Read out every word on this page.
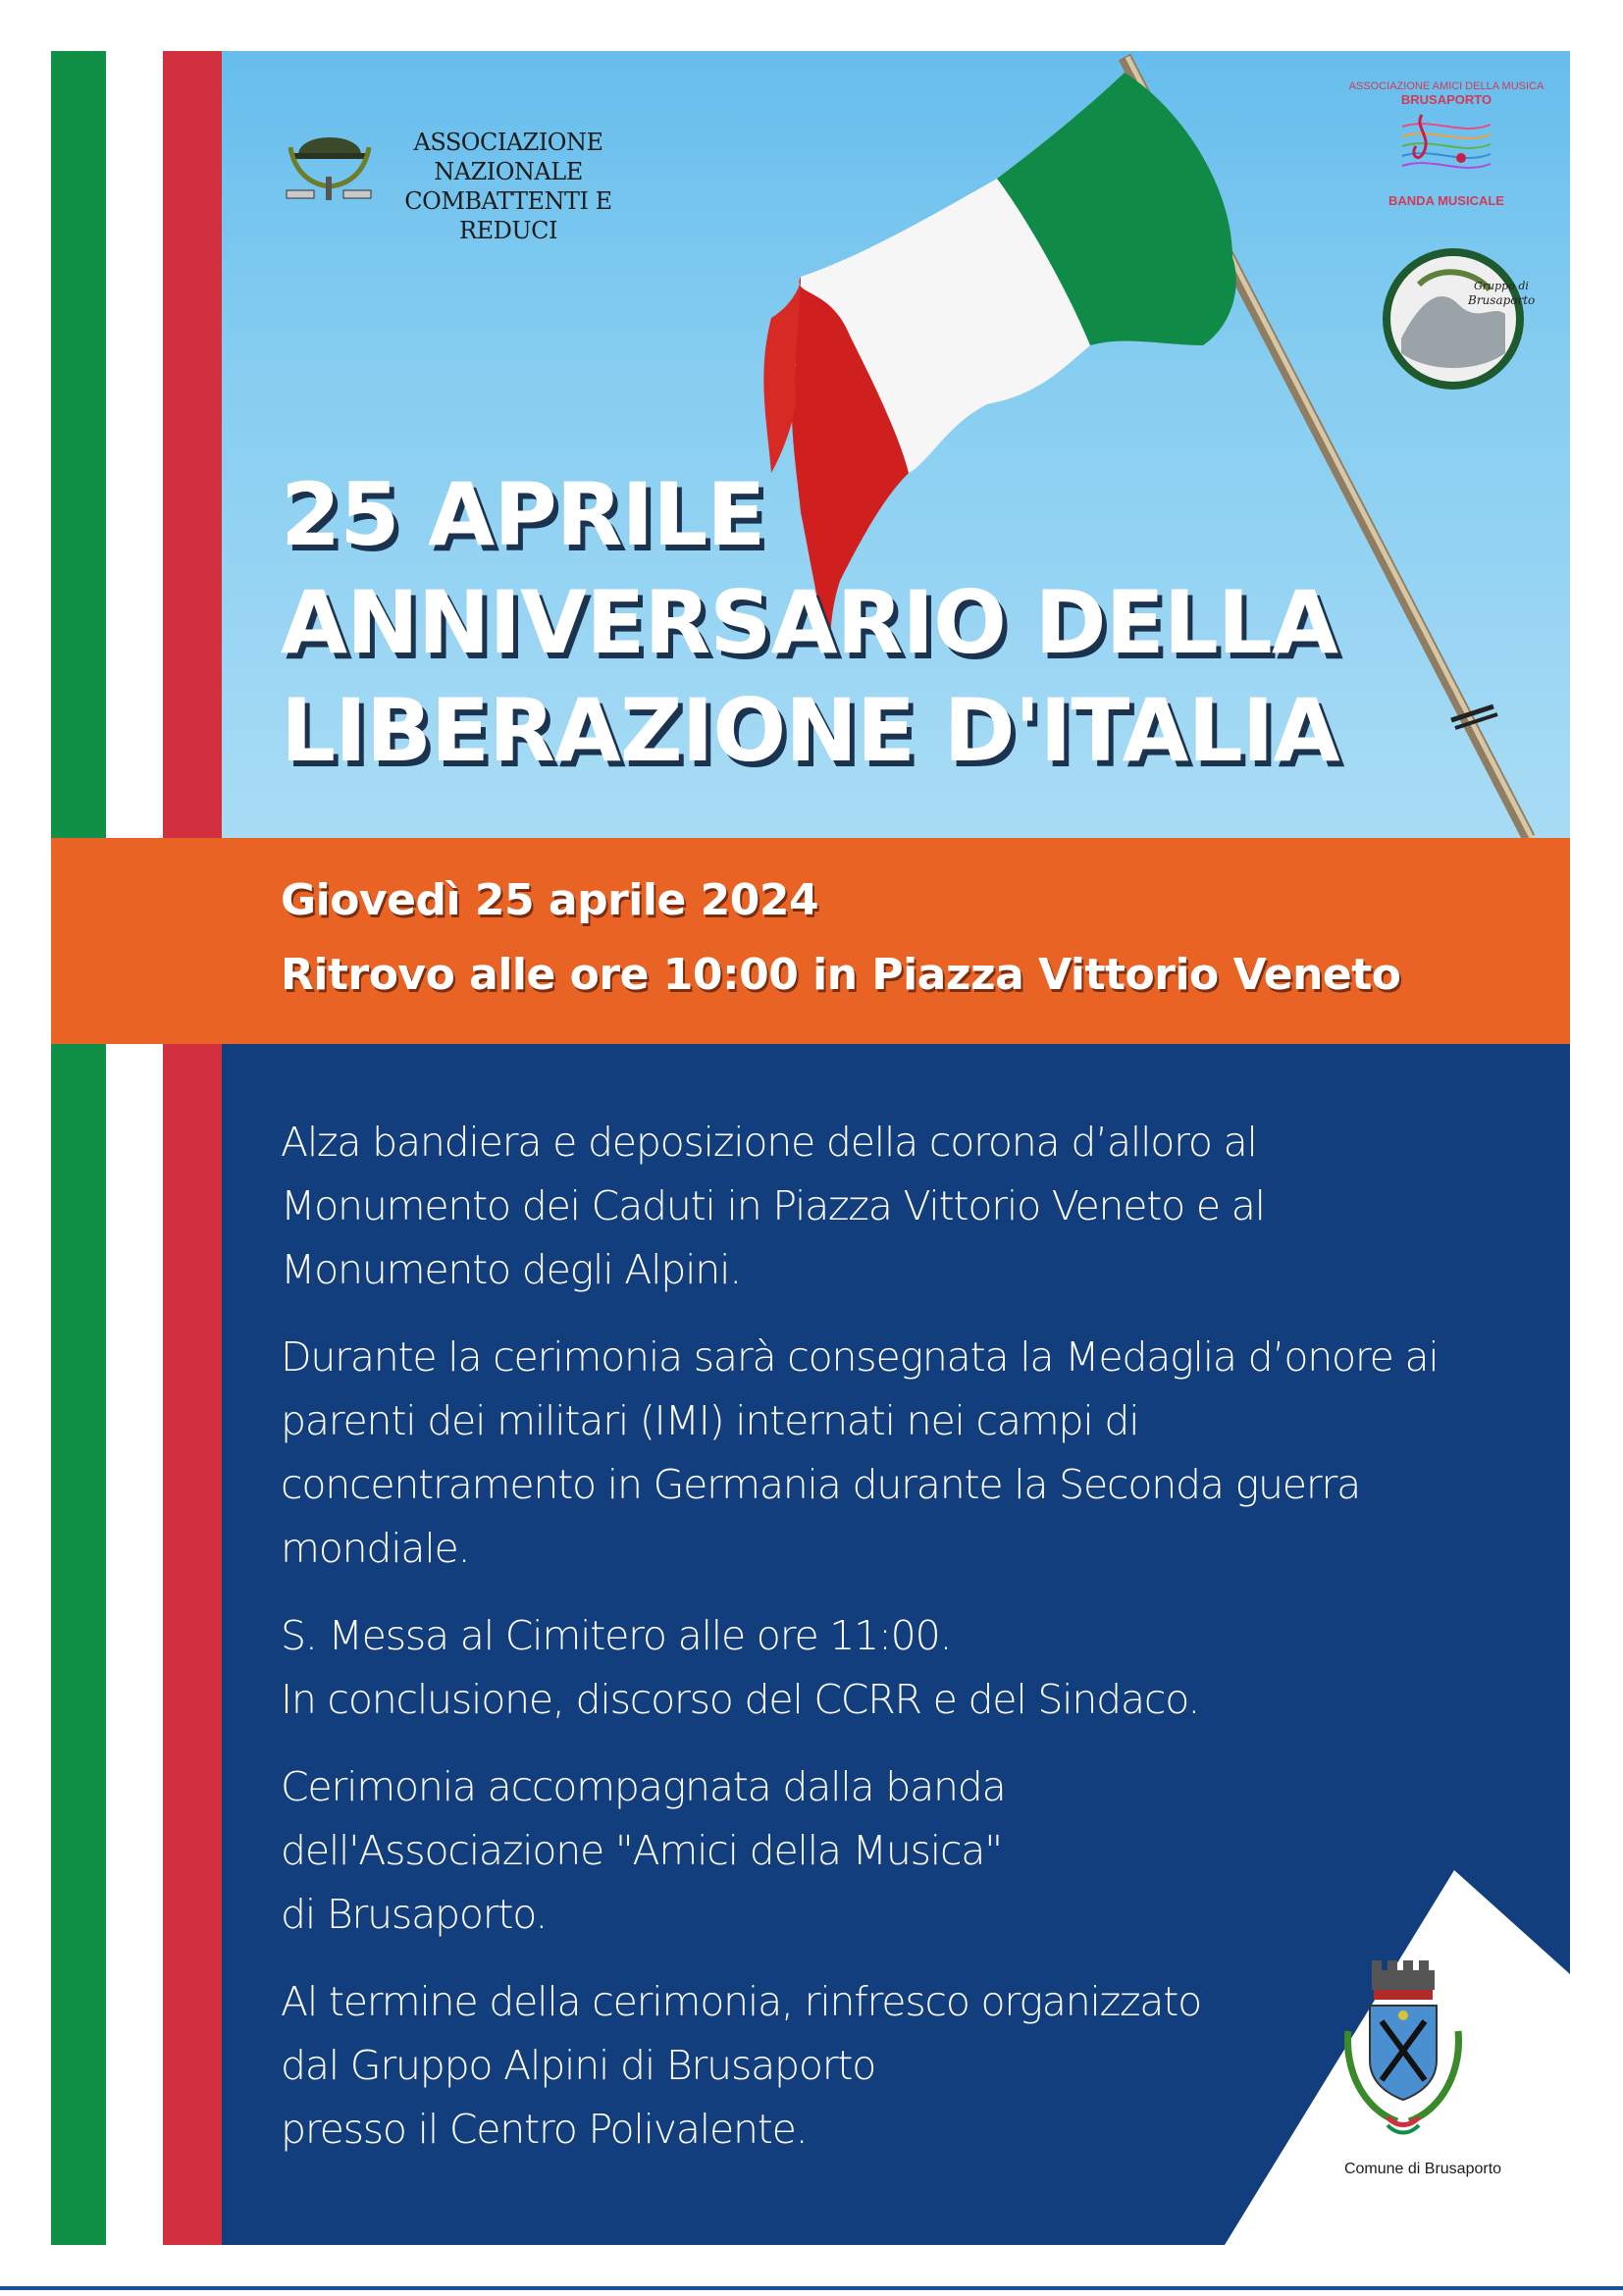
ASSOCIAZIONE NAZIONALE
COMBATTENTI E REDUCI
ASSOCIAZIONE AMICI DELLA MUSICA
BRUSAPORTO
BANDA MUSICALE
Gruppo di
Brusaporto
25 APRILE
ANNIVERSARIO DELLA
LIBERAZIONE D'ITALIA
Giovedì 25 aprile 2024
Ritrovo alle ore 10:00 in Piazza Vittorio Veneto

Alza bandiera e deposizione della corona d’alloro al
Monumento dei Caduti in Piazza Vittorio Veneto e al
Monumento degli Alpini.

Durante la cerimonia sarà consegnata la Medaglia d’onore ai
parenti dei militari (IMI) internati nei campi di
concentramento in Germania durante la Seconda guerra
mondiale.

S. Messa al Cimitero alle ore 11:00.
In conclusione, discorso del CCRR e del Sindaco.

Cerimonia accompagnata dalla banda
dell'Associazione "Amici della Musica"
di Brusaporto.

Al termine della cerimonia, rinfresco organizzato
dal Gruppo Alpini di Brusaporto
presso il Centro Polivalente.

Comune di Brusaporto
